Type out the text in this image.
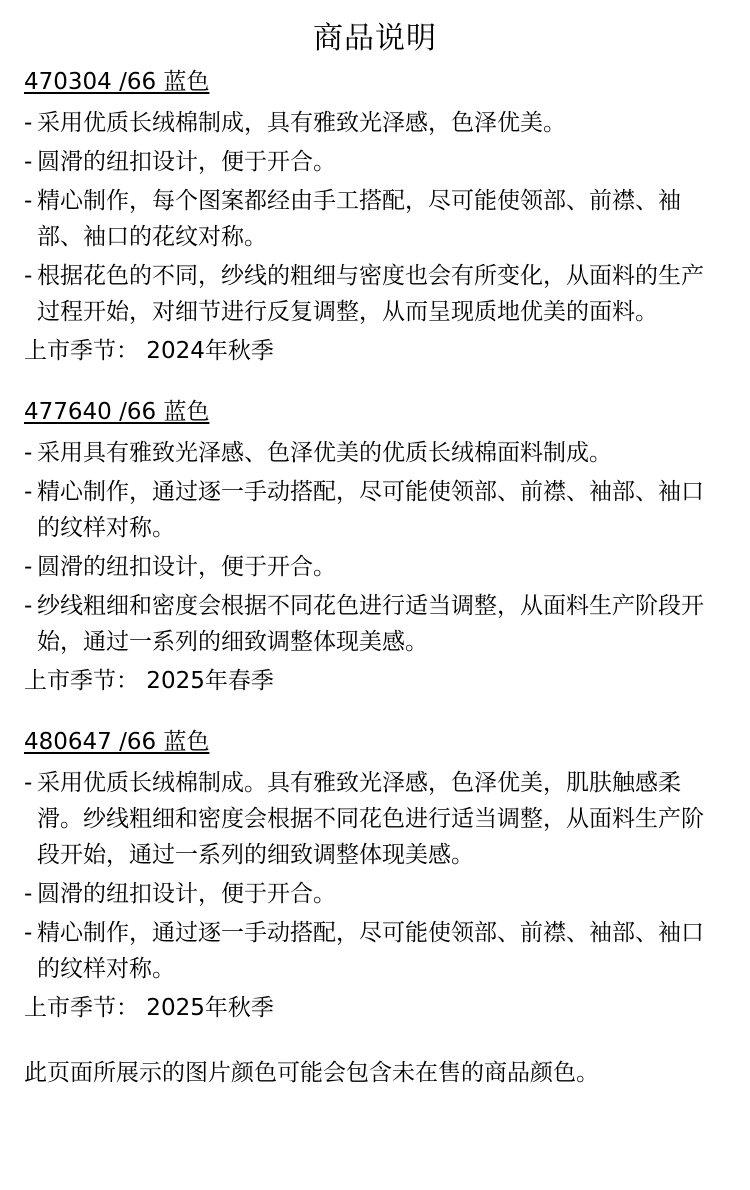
商品说明
470304 /66 蓝色
- 采用优质长绒棉制成，具有雅致光泽感，色泽优美。
- 圆滑的纽扣设计，便于开合。
- 精心制作，每个图案都经由手工搭配，尽可能使领部、前襟、袖部、袖口的花纹对称。
- 根据花色的不同，纱线的粗细与密度也会有所变化，从面料的生产过程开始，对细节进行反复调整，从而呈现质地优美的面料。
上市季节： 2024年秋季
477640 /66 蓝色
- 采用具有雅致光泽感、色泽优美的优质长绒棉面料制成。
- 精心制作，通过逐一手动搭配，尽可能使领部、前襟、袖部、袖口的纹样对称。
- 圆滑的纽扣设计，便于开合。
- 纱线粗细和密度会根据不同花色进行适当调整，从面料生产阶段开始，通过一系列的细致调整体现美感。
上市季节： 2025年春季
480647 /66 蓝色
- 采用优质长绒棉制成。具有雅致光泽感，色泽优美，肌肤触感柔滑。纱线粗细和密度会根据不同花色进行适当调整，从面料生产阶段开始，通过一系列的细致调整体现美感。
- 圆滑的纽扣设计，便于开合。
- 精心制作，通过逐一手动搭配，尽可能使领部、前襟、袖部、袖口的纹样对称。
上市季节： 2025年秋季
此页面所展示的图片颜色可能会包含未在售的商品颜色。
